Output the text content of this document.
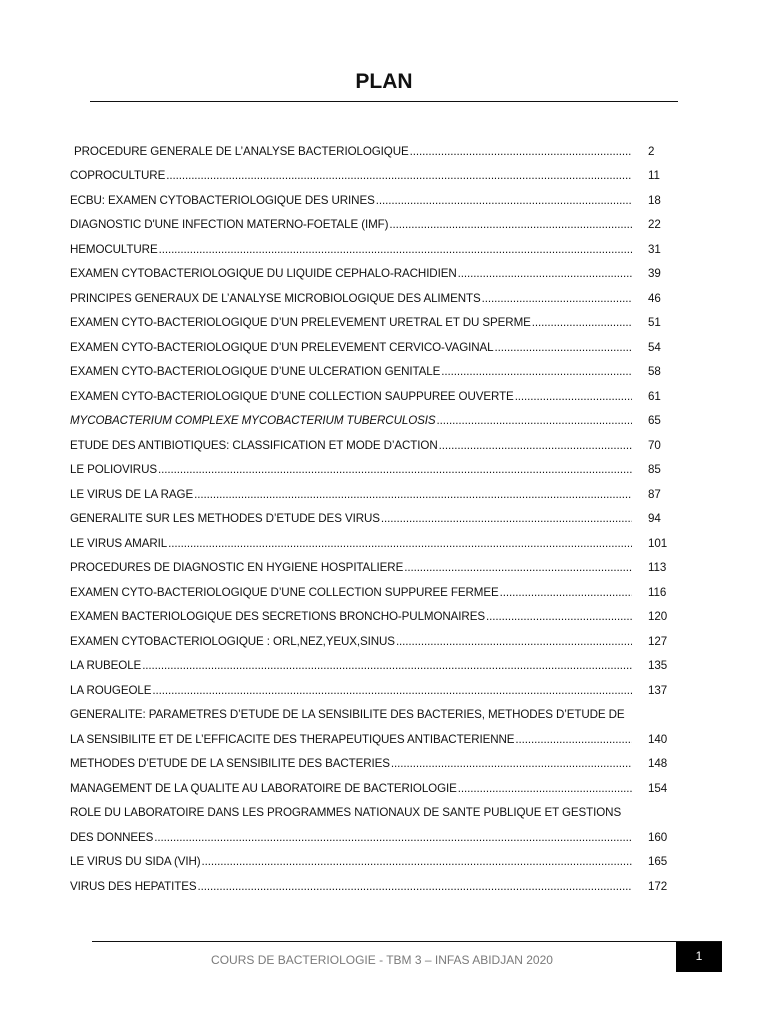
PLAN
PROCEDURE GENERALE DE L’ANALYSE BACTERIOLOGIQUE .....	2
COPROCULTURE .....	11
ECBU: EXAMEN CYTOBACTERIOLOGIQUE DES URINES .....	18
DIAGNOSTIC D'UNE INFECTION MATERNO-FOETALE (IMF) .....	22
HEMOCULTURE .....	31
EXAMEN CYTOBACTERIOLOGIQUE DU LIQUIDE CEPHALO-RACHIDIEN .....	39
PRINCIPES GENERAUX DE L’ANALYSE MICROBIOLOGIQUE DES ALIMENTS .....	46
EXAMEN CYTO-BACTERIOLOGIQUE D’UN PRELEVEMENT URETRAL ET DU SPERME .....	51
EXAMEN CYTO-BACTERIOLOGIQUE D’UN PRELEVEMENT CERVICO-VAGINAL .....	54
EXAMEN CYTO-BACTERIOLOGIQUE D’UNE ULCERATION GENITALE .....	58
EXAMEN CYTO-BACTERIOLOGIQUE D’UNE COLLECTION SAUPPUREE OUVERTE .....	61
MYCOBACTERIUM COMPLEXE MYCOBACTERIUM TUBERCULOSIS .....	65
ETUDE DES ANTIBIOTIQUES: CLASSIFICATION ET MODE D’ACTION .....	70
LE POLIOVIRUS .....	85
LE VIRUS DE LA RAGE .....	87
GENERALITE SUR LES METHODES D’ETUDE DES VIRUS .....	94
LE VIRUS AMARIL .....	101
PROCEDURES DE DIAGNOSTIC EN HYGIENE HOSPITALIERE .....	113
EXAMEN CYTO-BACTERIOLOGIQUE D’UNE COLLECTION SUPPUREE FERMEE .....	116
EXAMEN BACTERIOLOGIQUE DES SECRETIONS BRONCHO-PULMONAIRES .....	120
EXAMEN CYTOBACTERIOLOGIQUE : ORL,NEZ,YEUX,SINUS .....	127
LA RUBEOLE .....	135
LA ROUGEOLE .....	137
GENERALITE: PARAMETRES D’ETUDE DE LA SENSIBILITE DES BACTERIES, METHODES D’ETUDE DE
LA SENSIBILITE ET DE L’EFFICACITE DES THERAPEUTIQUES ANTIBACTERIENNE .....	140
METHODES D’ETUDE DE LA SENSIBILITE DES BACTERIES .....	148
MANAGEMENT DE LA QUALITE AU LABORATOIRE DE BACTERIOLOGIE .....	154
ROLE DU LABORATOIRE DANS LES PROGRAMMES NATIONAUX DE SANTE PUBLIQUE ET GESTIONS
DES DONNEES .....	160
LE VIRUS DU SIDA (VIH) .....	165
VIRUS DES HEPATITES .....	172
COURS DE BACTERIOLOGIE - TBM 3 – INFAS ABIDJAN 2020	1
